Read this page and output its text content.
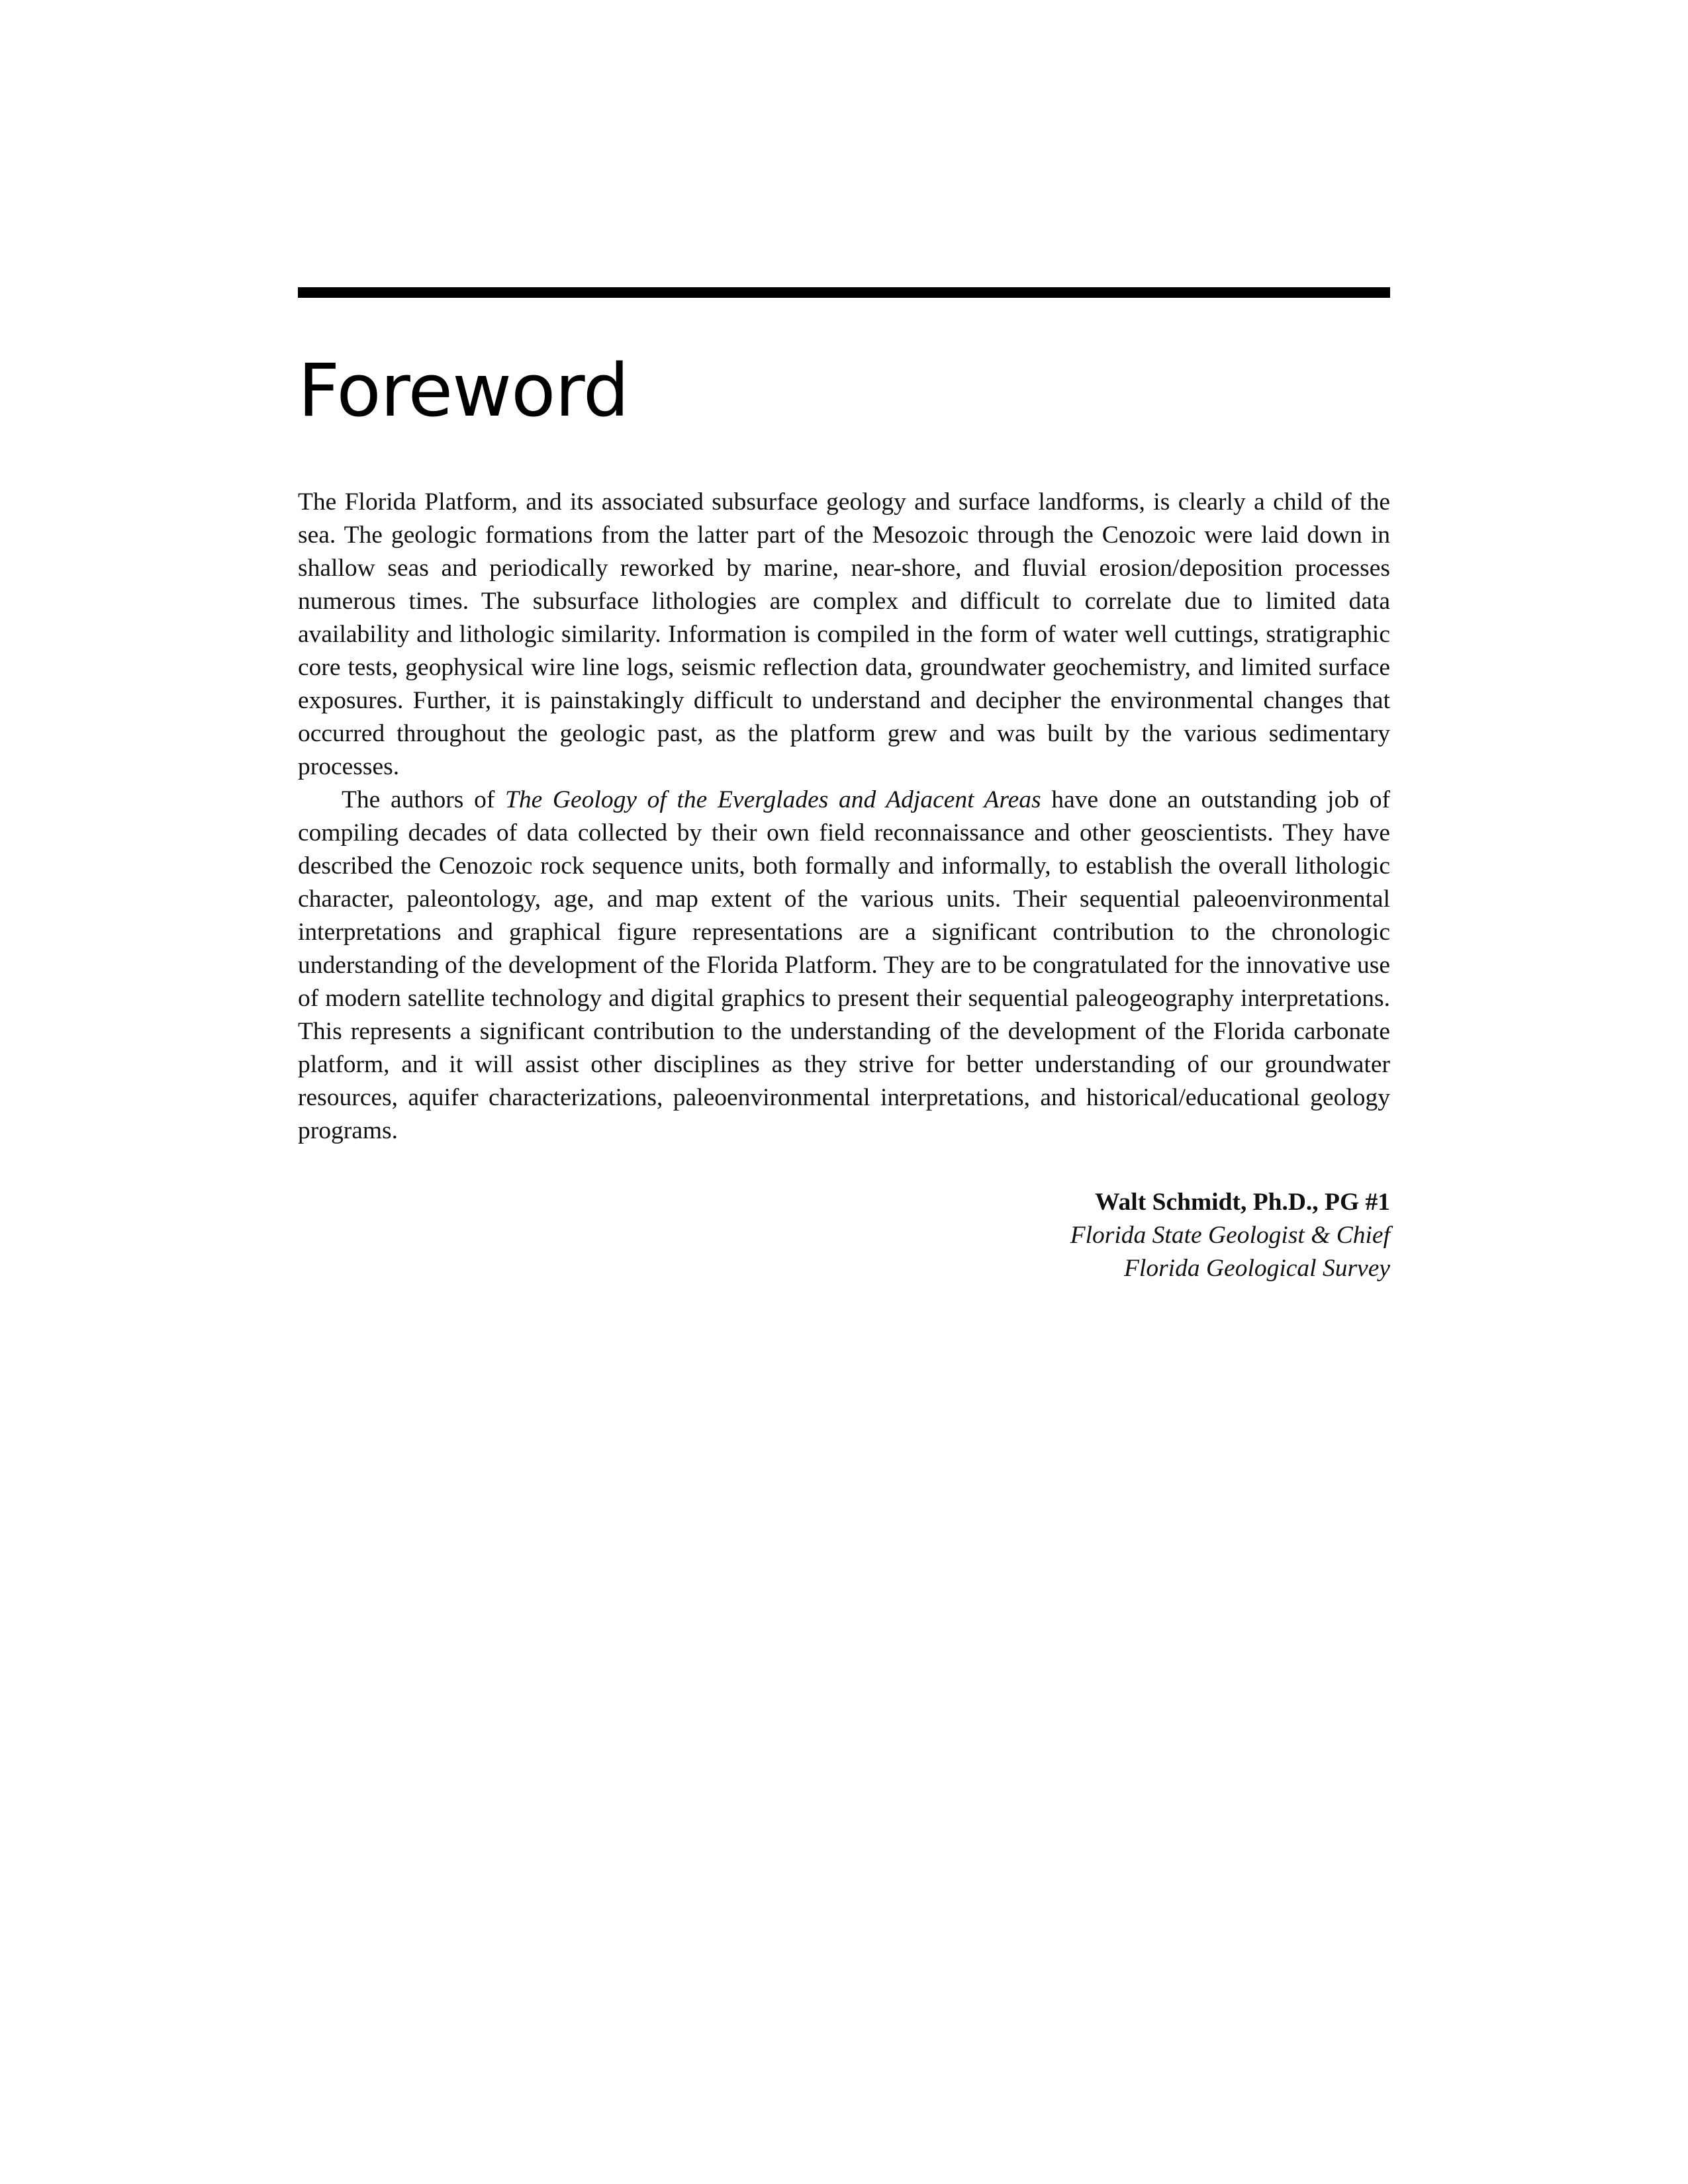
Foreword

The Florida Platform, and its associated subsurface geology and surface landforms, is clearly a child of the sea. The geologic formations from the latter part of the Mesozoic through the Cenozoic were laid down in shallow seas and periodically reworked by marine, near-shore, and fluvial erosion/deposition processes numerous times. The subsurface lithologies are complex and difficult to correlate due to limited data availability and lithologic similarity. Information is compiled in the form of water well cuttings, stratigraphic core tests, geophysical wire line logs, seismic reflection data, groundwater geochemistry, and limited surface exposures. Further, it is painstakingly difficult to understand and decipher the environmental changes that occurred throughout the geologic past, as the platform grew and was built by the various sedimentary processes.

The authors of The Geology of the Everglades and Adjacent Areas have done an outstanding job of compiling decades of data collected by their own field reconnaissance and other geoscientists. They have described the Cenozoic rock sequence units, both formally and informally, to establish the overall lithologic character, paleontology, age, and map extent of the various units. Their sequential paleoenvironmental interpretations and graphical figure representations are a significant contribution to the chronologic understanding of the development of the Florida Platform. They are to be congratulated for the innovative use of modern satellite technology and digital graphics to present their sequential paleogeography interpretations. This represents a significant contribution to the understanding of the development of the Florida carbonate platform, and it will assist other disciplines as they strive for better understanding of our groundwater resources, aquifer characterizations, paleoenvironmental interpretations, and historical/educational geology programs.

Walt Schmidt, Ph.D., PG #1
Florida State Geologist & Chief
Florida Geological Survey
